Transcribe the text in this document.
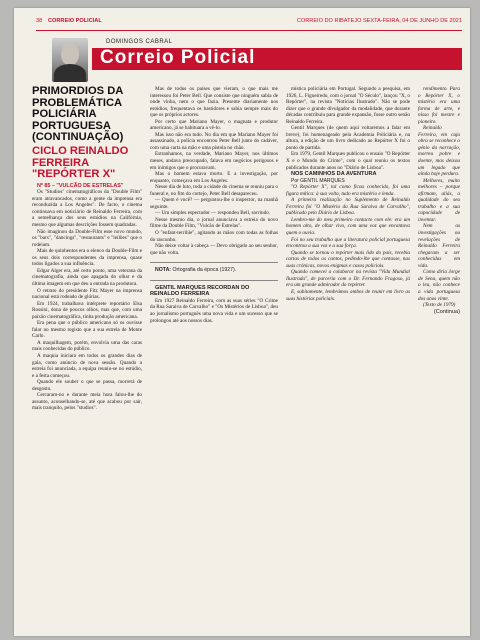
38 CORREIO POLICIAL	CORREIO DO RIBATEJO SEXTA-FEIRA, 04 DE JUNHO DE 2021
DOMINGOS CABRAL
Correio Policial
PRIMÓRDIOS DA PROBLEMÁTICA POLICIÁRIA PORTUGUESA (CONTINUAÇÃO)
CICLO REINALDO FERREIRA "REPÓRTER X"

Nº 85 – "VULCÃO DE ESTRELAS"

Os "Studios" cinematográficos da "Double Film" eram atravancados, como a gente da imprensa era reconduzida a Los Angeles". De facto, o cinema continuava em noticiário de Reinaldo Ferreira, com a semelhança dos seus estúdios na Califórnia, mesmo que algumas descrições fossem quadradas.

Não imaginou da Double-Film esse novo mundo, os "bars", "dancings", "restaurants" e "leilões" que o rodeiam.

Mais de quinhentos era o elenco da Double-Film e os seus dois correspondentes da imprensa, quase todos ligados a sua influência.

Edgar Alger era, até certo ponto, uma veterana da cinematografia, ainda que apagada do olhar e da última imagem em que deu a entrada na produtora.

O retrato do presidente Fitz Mayer na imprensa nacional está rodeado de glórias.

Em 1924, trabalhava intérprete reportário Elsa Rossini, dona de poucos olhos, mas que, com uma paixão cinematográfica, tinha produção americana.

Era pena que o público americano só os ouvisse falar no mesmo registo que a sua estrela de Monte Carlo.

A maquilhagem, porém, envolvia uma das caras mais conhecidas do público.

A maquia iniciara em todos os grandes dias de gala, como anúncio de nova sessão. Quando a estreia foi anunciada, a equipa reuniu-se no estúdio, e a festa começou.

Quando ele souber o que se passa, morrerá de desgosto.

Cercaram-no e durante meia hora falou-lhe do assunto, aconselhando-se, até que acabou por sair, mais tranquilo, pelos "studios".

Mas de todos os países que vieram, o que mais me interessou foi Peter Bell. Que consiste que ninguém sabia de onde vinha, nem o que fazia. Presente diariamente nos estúdios, frequentava os bastidores e sabia sempre mais do que os próprios actores.

Por certo que Mariano Mayer, o magnata e produtor americano, já se habituara a vê-lo.

Mas isso não era tudo. No dia em que Mariano Mayer foi assassinado, a polícia encontrou Peter Bell junto do cadáver, com uma carta na mão e uma pistola no chão.

Estranhamos, na verdade, Mariano Mayer, nos últimos meses, andava preocupado, falava em negócios perigosos e em inimigos que o procuravam.

Mas o homem estava morto. E a investigação, por enquanto, começava em Los Angeles.

Nesse dia de luto, toda a cidade do cinema se reuniu para o funeral e, no fim do cortejo, Peter Bell desapareceu.

— Quem é você? — perguntou-lhe o inspector, na manhã seguinte.

— Um simples espectador — respondeu Bell, sorrindo.

Nesse mesmo dia, o jornal anunciava a estreia do novo filme da Double Film, "Vulcão de Estrelas".

O "enfant-terrible", agitando as mãos com todas as folhas do rascunho.

Não deixe voltar à cabeça — Devo obrigado ao seu senhor, que não volta.

NOTA: Ortografia da época (1927).

GENTIL MARQUES RECORDAN DO REINALDO FERREIRA

Em 1927 Reinaldo Ferreira, com as suas séries "O Crime da Rua Saraiva de Carvalho" e "Os Mistérios de Lisboa", deu ao jornalismo português uma nova vida e um sucesso que se prolongou até aos nossos dias.

mística policiária em Portugal. Segundo a pesquisa, em 1926, L. Figueiredo, com o jornal "O Século", lançou "X, o Repórter", na revista "Notícias Ilustrado". Não se pode dizer que o grande divulgador da modalidade, que durante décadas contribuiu para grande expansão, fosse outro senão Reinaldo Ferreira.

Gentil Marques (de quem aqui voltaremos a falar em breve), foi homenageado pela Academia Policiária e, na altura, a edição de um livro dedicado ao Repórter X foi o ponto de partida.

Em 1979, Gentil Marques publicou o ensaio "O Repórter X e o Mundo do Crime", com o qual reuniu os textos publicados durante anos no "Diário de Lisboa".

NOS CAMINHOS DA AVENTURA

Por GENTIL MARQUES

"O Repórter X", tal como ficou conhecido, foi uma figura mítica: à sua volta, tudo era mistério e lenda.

A primeira realização no Suplemento de Reinaldo Ferreira foi "O Mistério da Rua Saraiva de Carvalho", publicado pelo Diário de Lisboa.

Lembro-me do meu primeiro contacto com ele: era um homem alto, de olhar vivo, com uma voz que encantava quem o ouvia.

Foi no seu trabalho que a literatura policial portuguesa encontrou a sua voz e a sua força.

Quando se tornou o repórter mais lido do país, recebia cartas de todos os cantos, pedindo-lhe que contasse, nas suas crónicas, novos enigmas e casos policiais.

Quando comecei a colaborar na revista "Vida Mundial Ilustrada", de parceria com o Dr. Fernando Fragoso, já era um grande admirador do repórter.

E, subitamente, lembrámos ambos de reunir em livro as suas histórias policiais.

rendimento. Para o Repórter X, o mistério era uma forma de arte, e nisso foi mestre e pioneiro.

Reinaldo Ferreira, em cuja obra se reconhece o génio da narração, morreu pobre e doente, mas deixou um legado que ainda hoje perdura.

Melhores, muito melhores – porque afirmam, aliás, a qualidade do seu trabalho e a sua capacidade de inventar.

Nem as investigações ou revelações de Reinaldo Ferreira chegaram a ser conhecidas em vida.

Como diria Jorge de Sena, quem não o leu, não conhece a vida portuguesa dos anos vinte.

(Texto de 1979)

(Continua)
